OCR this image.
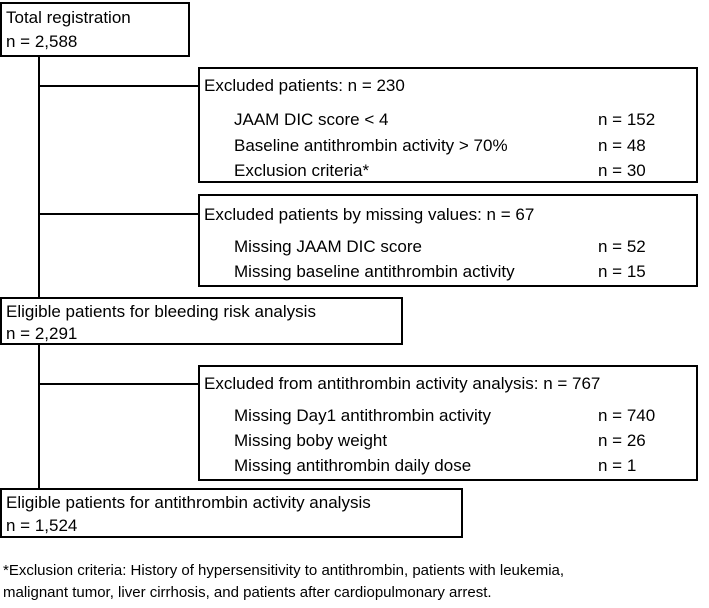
Total registration
n = 2,588
Excluded patients: n = 230
JAAM DIC score < 4	n = 152
Baseline antithrombin activity > 70%	n = 48
Exclusion criteria*	n = 30
Excluded patients by missing values: n = 67
Missing JAAM DIC score	n = 52
Missing baseline antithrombin activity	n = 15
Eligible patients for bleeding risk analysis
n = 2,291
Excluded from antithrombin activity analysis: n = 767
Missing Day1 antithrombin activity	n = 740
Missing boby weight	n = 26
Missing antithrombin daily dose	n = 1
Eligible patients for antithrombin activity analysis
n = 1,524
*Exclusion criteria: History of hypersensitivity to antithrombin, patients with leukemia,
malignant tumor, liver cirrhosis, and patients after cardiopulmonary arrest.
